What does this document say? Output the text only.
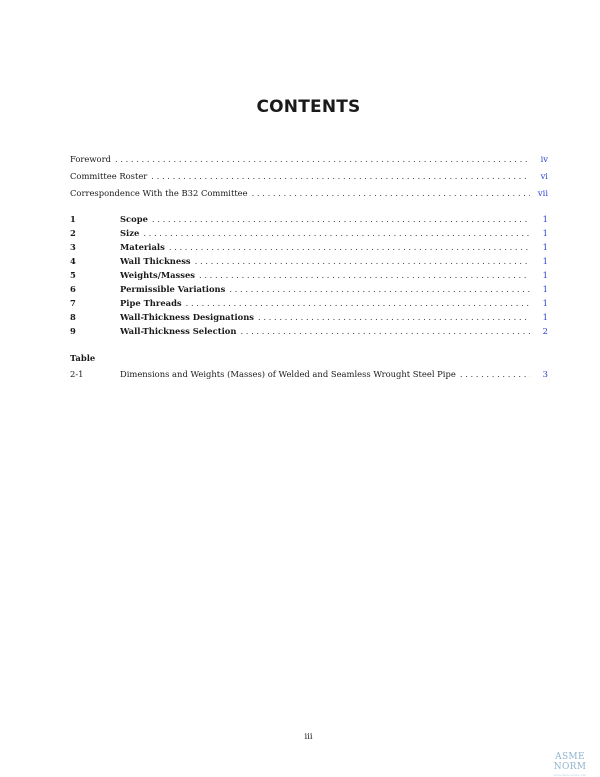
CONTENTS
Foreword . . .	iv
Committee Roster . . .	vi
Correspondence With the B32 Committee . . .	vii
1	Scope . . .	1
2	Size . . .	1
3	Materials . . .	1
4	Wall Thickness . . .	1
5	Weights/Masses . . .	1
6	Permissible Variations . . .	1
7	Pipe Threads . . .	1
8	Wall-Thickness Designations . . .	1
9	Wall-Thickness Selection . . .	2
Table
2-1	Dimensions and Weights (Masses) of Welded and Seamless Wrought Steel Pipe . . .	3
iii
ASME NORM
www.asme-norm.com
